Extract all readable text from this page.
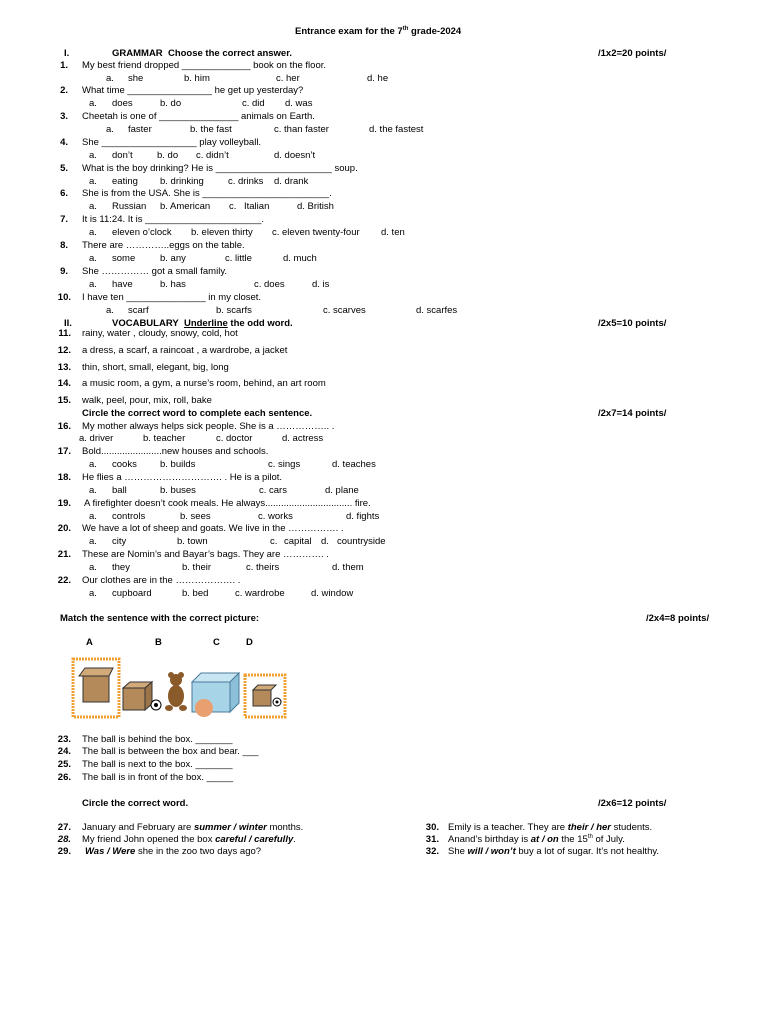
Entrance exam for the 7th grade-2024
I.	GRAMMAR Choose the correct answer.	/1x2=20 points/
1. My best friend dropped _____________ book on the floor.
a. she	b. him	c. her	d. he
2. What time ________________ he get up yesterday?
a. does	b. do	c. did d. was
3. Cheetah is one of _______________ animals on Earth.
a. faster	b. the fast	c. than faster	d. the fastest
4. She __________________ play volleyball.
a. don’t	b. do c. didn’t	d. doesn’t
5. What is the boy drinking? He is ______________________ soup.
a. eating b. drinking	c. drinks d. drank
6. She is from the USA. She is ________________________.
a. Russian b. American c. Italian	d. British
7. It is 11:24. It is ______________________.
a. eleven o’clock b. eleven thirty c. eleven twenty-four d. ten
8. There are …………..eggs on the table.
a. some	b. any	c. little	d. much
9. She …………… got a small family.
a. have	b. has	c. does	d. is
10. I have ten _______________ in my closet.
a. scarf	b. scarfs	c. scarves	d. scarfes
II.	VOCABULARY Underline the odd word.	/2x5=10 points/
11. rainy, water , cloudy, snowy, cold, hot
12. a dress, a scarf, a raincoat , a wardrobe, a jacket
13. thin, short, small, elegant, big, long
14. a music room, a gym, a nurse’s room, behind, an art room
15. walk, peel, pour, mix, roll, bake
Circle the correct word to complete each sentence.	/2x7=14 points/
16. My mother always helps sick people. She is a …………….. .
a. driver	b. teacher	c. doctor	d. actress
17. Bold.......................new houses and schools.
a. cooks b. builds	c. sings	d. teaches
18. He flies a …………………………. . He is a pilot.
a. ball	b. buses	c. cars	d. plane
19. A firefighter doesn’t cook meals. He always................................. fire.
a. controls	b. sees	c. works	d. fights
20. We have a lot of sheep and goats. We live in the ……………. .
a. city	b. town	c. capital d. countryside
21. These are Nomin’s and Bayar’s bags. They are …………. .
a. they	b. their	c. theirs	d. them
22. Our clothes are in the ………………. .
a. cupboard	b. bed	c. wardrobe	d. window
Match the sentence with the correct picture:	/2x4=8 points/
A	B	C	D
23. The ball is behind the box. _______
24. The ball is between the box and bear. ___
25. The ball is next to the box. _______
26. The ball is in front of the box. _____
Circle the correct word.	/2x6=12 points/
27. January and February are summer / winter months.
28. My friend John opened the box careful / carefully.
29. Was / Were she in the zoo two days ago?
30. Emily is a teacher. They are their / her students.
31. Anand’s birthday is at / on the 15th of July.
32. She will / won’t buy a lot of sugar. It’s not healthy.
